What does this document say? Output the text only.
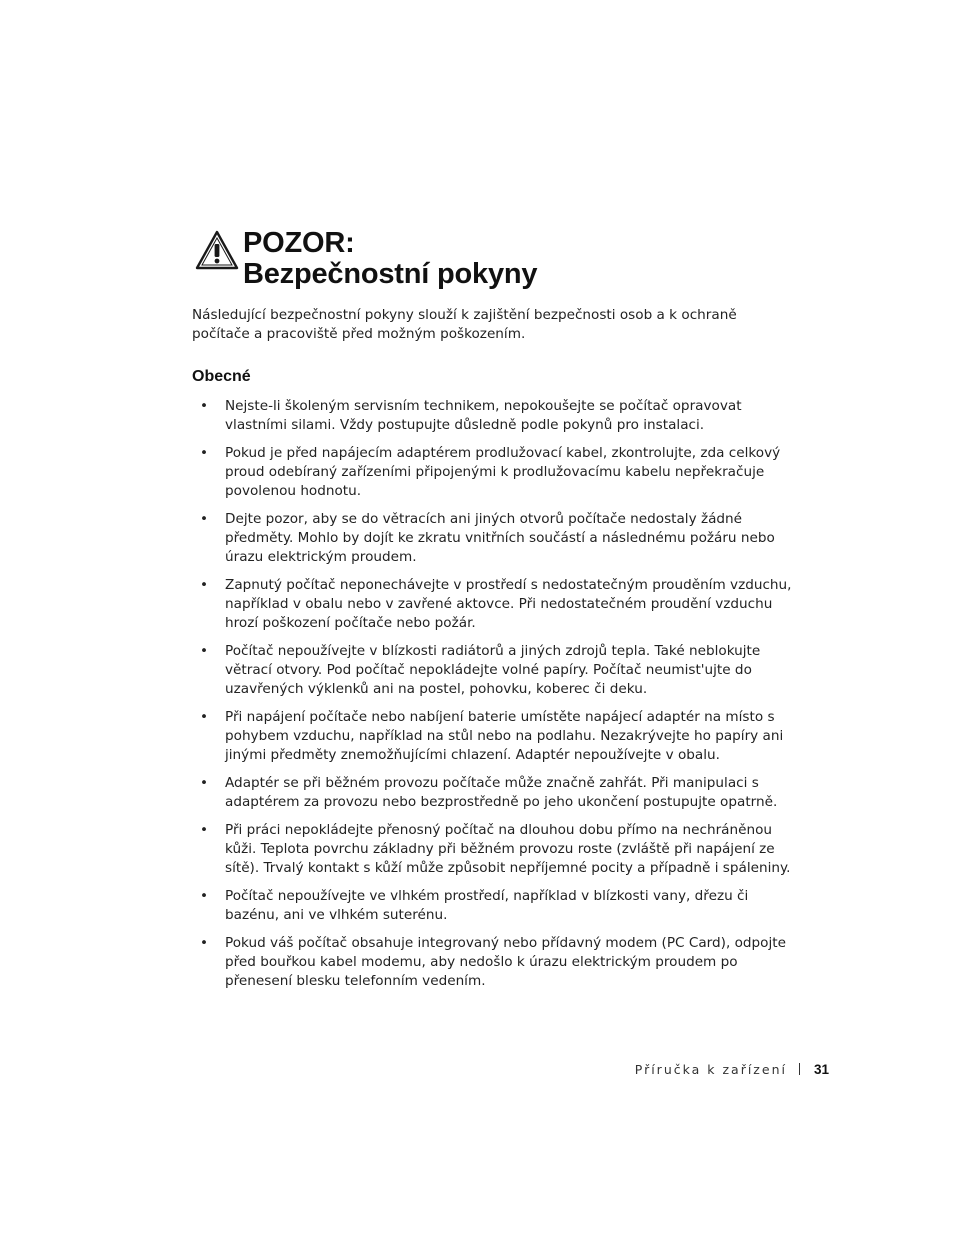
POZOR:
Bezpečnostní pokyny

Následující bezpečnostní pokyny slouží k zajištění bezpečnosti osob a k ochraně počítače a pracoviště před možným poškozením.

Obecné
• Nejste-li školeným servisním technikem, nepokoušejte se počítač opravovat vlastními silami. Vždy postupujte důsledně podle pokynů pro instalaci.
• Pokud je před napájecím adaptérem prodlužovací kabel, zkontrolujte, zda celkový proud odebíraný zařízeními připojenými k prodlužovacímu kabelu nepřekračuje povolenou hodnotu.
• Dejte pozor, aby se do větracích ani jiných otvorů počítače nedostaly žádné předměty. Mohlo by dojít ke zkratu vnitřních součástí a následnému požáru nebo úrazu elektrickým proudem.
• Zapnutý počítač neponechávejte v prostředí s nedostatečným prouděním vzduchu, například v obalu nebo v zavřené aktovce. Při nedostatečném proudění vzduchu hrozí poškození počítače nebo požár.
• Počítač nepoužívejte v blízkosti radiátorů a jiných zdrojů tepla. Také neblokujte větrací otvory. Pod počítač nepokládejte volné papíry. Počítač neumist'ujte do uzavřených výklenků ani na postel, pohovku, koberec či deku.
• Při napájení počítače nebo nabíjení baterie umístěte napájecí adaptér na místo s pohybem vzduchu, například na stůl nebo na podlahu. Nezakrývejte ho papíry ani jinými předměty znemožňujícími chlazení. Adaptér nepoužívejte v obalu.
• Adaptér se při běžném provozu počítače může značně zahřát. Při manipulaci s adaptérem za provozu nebo bezprostředně po jeho ukončení postupujte opatrně.
• Při práci nepokládejte přenosný počítač na dlouhou dobu přímo na nechráněnou kůži. Teplota povrchu základny při běžném provozu roste (zvláště při napájení ze sítě). Trvalý kontakt s kůží může způsobit nepříjemné pocity a případně i spáleniny.
• Počítač nepoužívejte ve vlhkém prostředí, například v blízkosti vany, dřezu či bazénu, ani ve vlhkém suterénu.
• Pokud váš počítač obsahuje integrovaný nebo přídavný modem (PC Card), odpojte před bouřkou kabel modemu, aby nedošlo k úrazu elektrickým proudem po přenesení blesku telefonním vedením.
Příručka k zařízení 31
